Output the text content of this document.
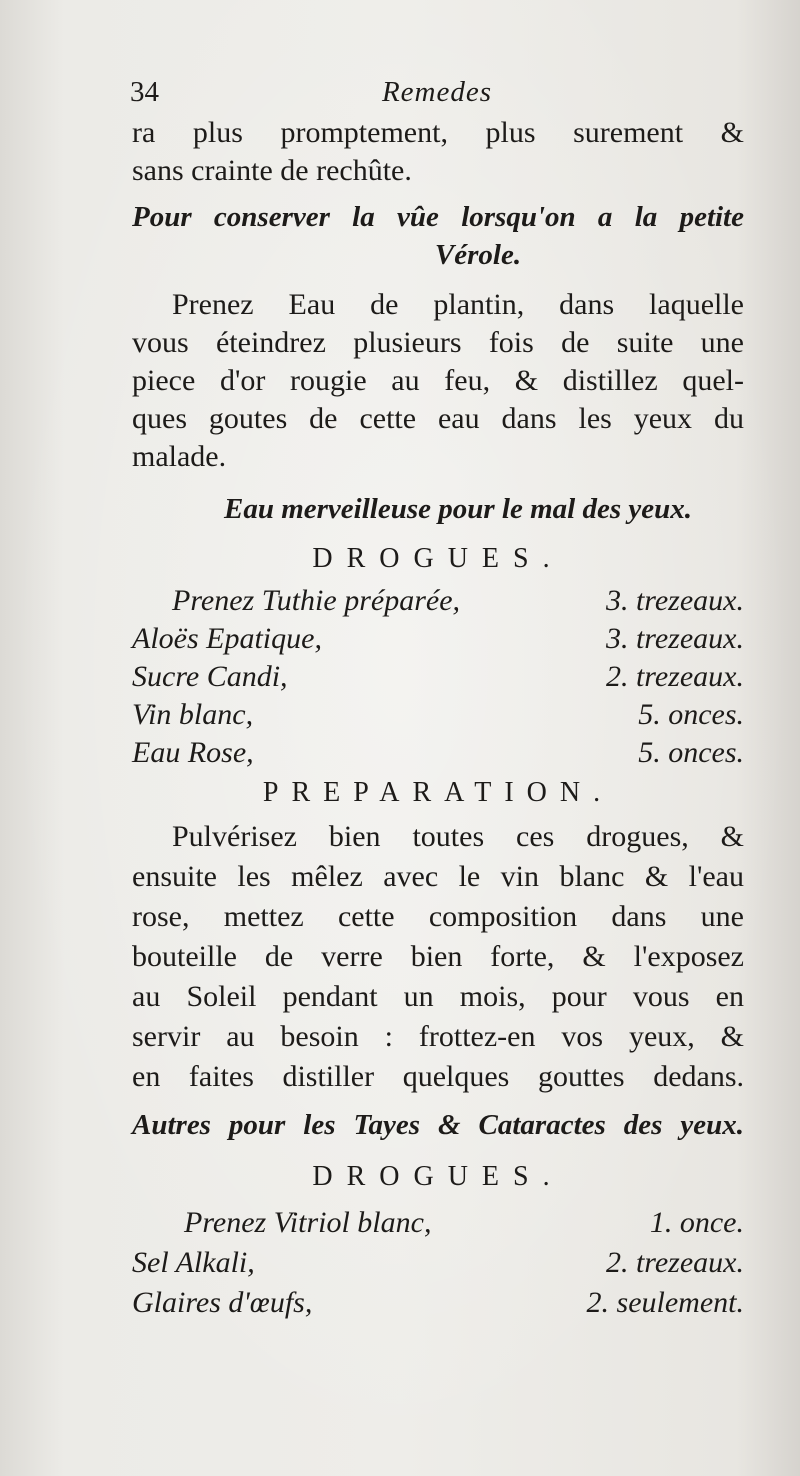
34	Remedes
ra plus promptement, plus surement &
sans crainte de rechûte.
Pour conserver la vûe lorsqu'on a la petite
Vérole.
Prenez Eau de plantin, dans laquelle
vous éteindrez plusieurs fois de suite une
piece d'or rougie au feu, & distillez quel-
ques goutes de cette eau dans les yeux du
malade.
Eau merveilleuse pour le mal des yeux.
DROGUES.
Prenez Tuthie préparée,	3. trezeaux.
Aloës Epatique,	3. trezeaux.
Sucre Candi,	2. trezeaux.
Vin blanc,	5. onces.
Eau Rose,	5. onces.
PREPARATION.
Pulvérisez bien toutes ces drogues, &
ensuite les mêlez avec le vin blanc & l'eau
rose, mettez cette composition dans une
bouteille de verre bien forte, & l'exposez
au Soleil pendant un mois, pour vous en
servir au besoin : frottez-en vos yeux, &
en faites distiller quelques gouttes dedans.
Autres pour les Tayes & Cataractes des yeux.
DROGUES.
Prenez Vitriol blanc,	1. once.
Sel Alkali,	2. trezeaux.
Glaires d'œufs,	2. seulement.
